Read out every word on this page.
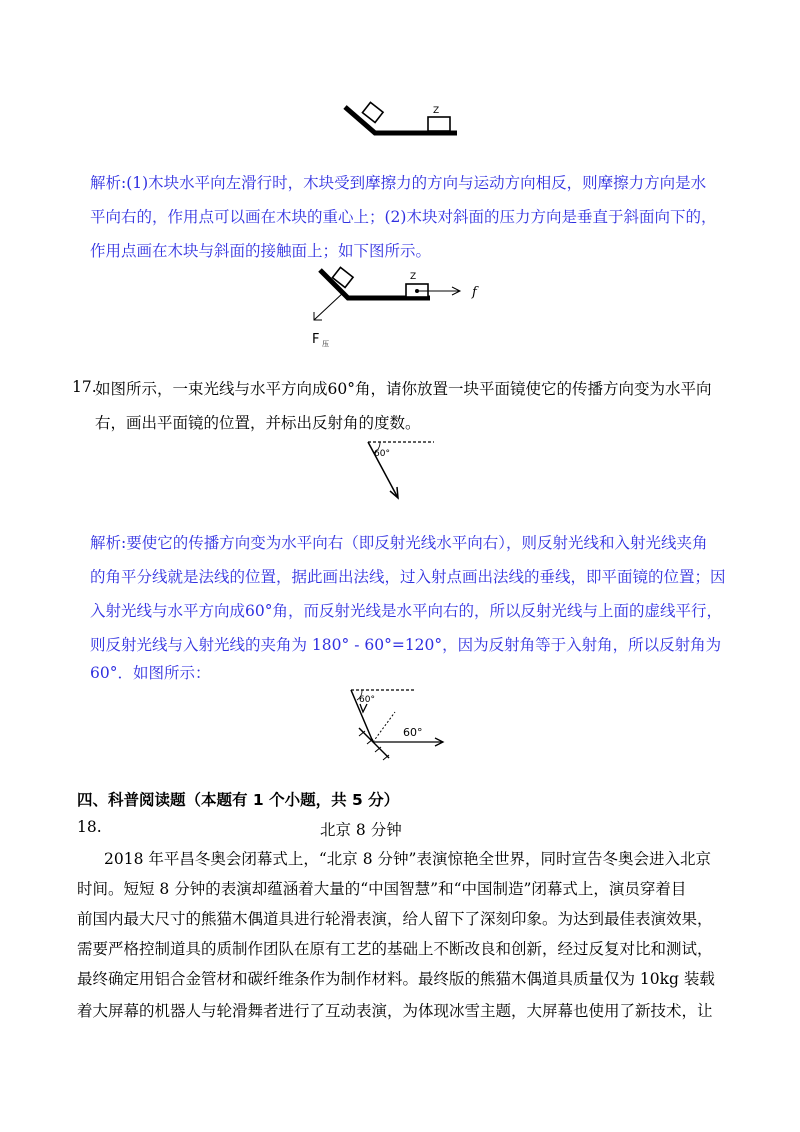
Z
解析:(1)木块水平向左滑行时，木块受到摩擦力的方向与运动方向相反，则摩擦力方向是水
平向右的，作用点可以画在木块的重心上；(2)木块对斜面的压力方向是垂直于斜面向下的，
作用点画在木块与斜面的接触面上；如下图所示。
Z
f
F 压
17.
如图所示，一束光线与水平方向成60°角，请你放置一块平面镜使它的传播方向变为水平向
右，画出平面镜的位置，并标出反射角的度数。
60°
解析:要使它的传播方向变为水平向右（即反射光线水平向右），则反射光线和入射光线夹角
的角平分线就是法线的位置，据此画出法线，过入射点画出法线的垂线，即平面镜的位置；因
入射光线与水平方向成60°角，而反射光线是水平向右的，所以反射光线与上面的虚线平行，
则反射光线与入射光线的夹角为 180° - 60°=120°，因为反射角等于入射角，所以反射角为
60°．如图所示：
60°
60°
四、科普阅读题（本题有 1 个小题，共 5 分）
18.	北京 8 分钟
2018 年平昌冬奥会闭幕式上，“北京 8 分钟”表演惊艳全世界，同时宣告冬奥会进入北京
时间。短短 8 分钟的表演却蕴涵着大量的“中国智慧”和“中国制造”闭幕式上，演员穿着目
前国内最大尺寸的熊猫木偶道具进行轮滑表演，给人留下了深刻印象。为达到最佳表演效果，
需要严格控制道具的质制作团队在原有工艺的基础上不断改良和创新，经过反复对比和测试，
最终确定用铝合金管材和碳纤维条作为制作材料。最终版的熊猫木偶道具质量仅为 10kg 装载
着大屏幕的机器人与轮滑舞者进行了互动表演，为体现冰雪主题，大屏幕也使用了新技术，让
